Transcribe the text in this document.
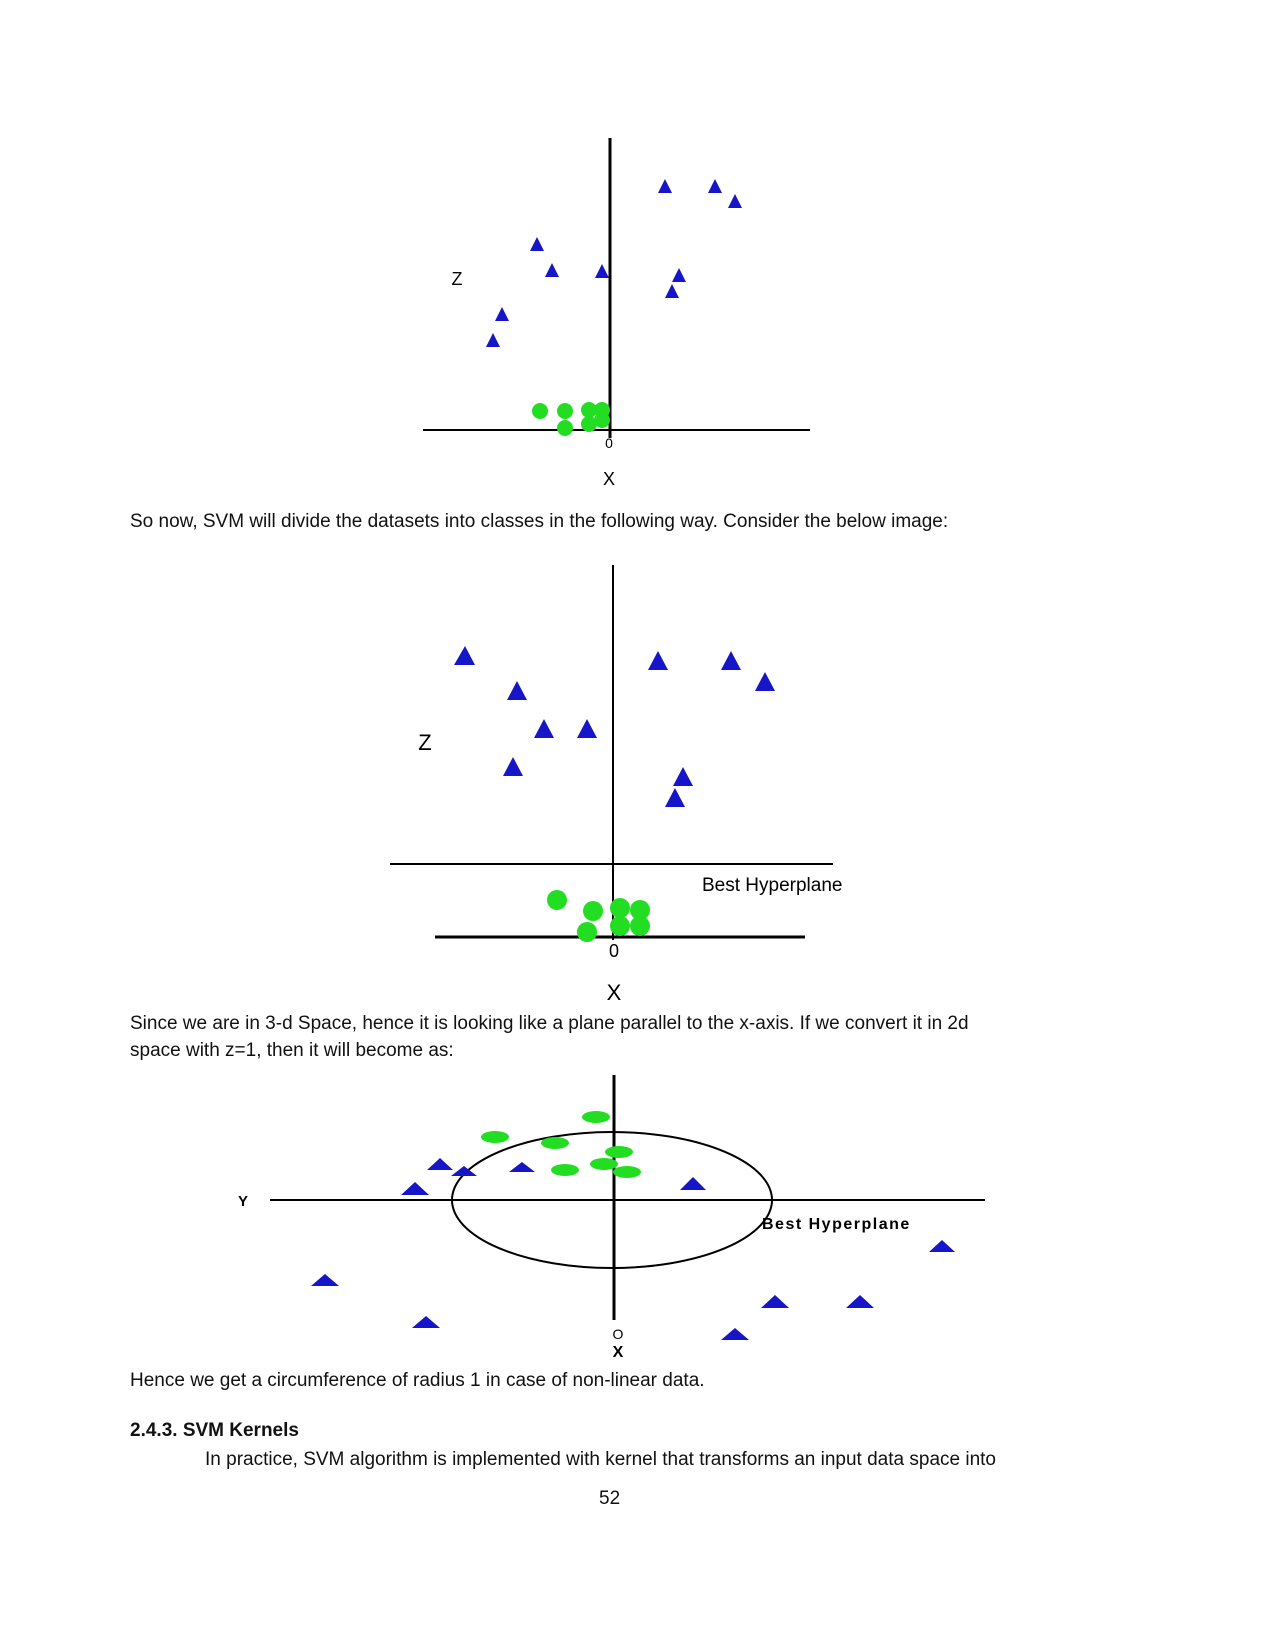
Z
0
X

So now, SVM will divide the datasets into classes in the following way. Consider the below image:

Z
0
X
Best Hyperplane

Since we are in 3-d Space, hence it is looking like a plane parallel to the x-axis. If we convert it in 2d

space with z=1, then it will become as:

Y
O
X
Best Hyperplane

Hence we get a circumference of radius 1 in case of non-linear data.

2.4.3. SVM Kernels

In practice, SVM algorithm is implemented with kernel that transforms an input data space into

52
